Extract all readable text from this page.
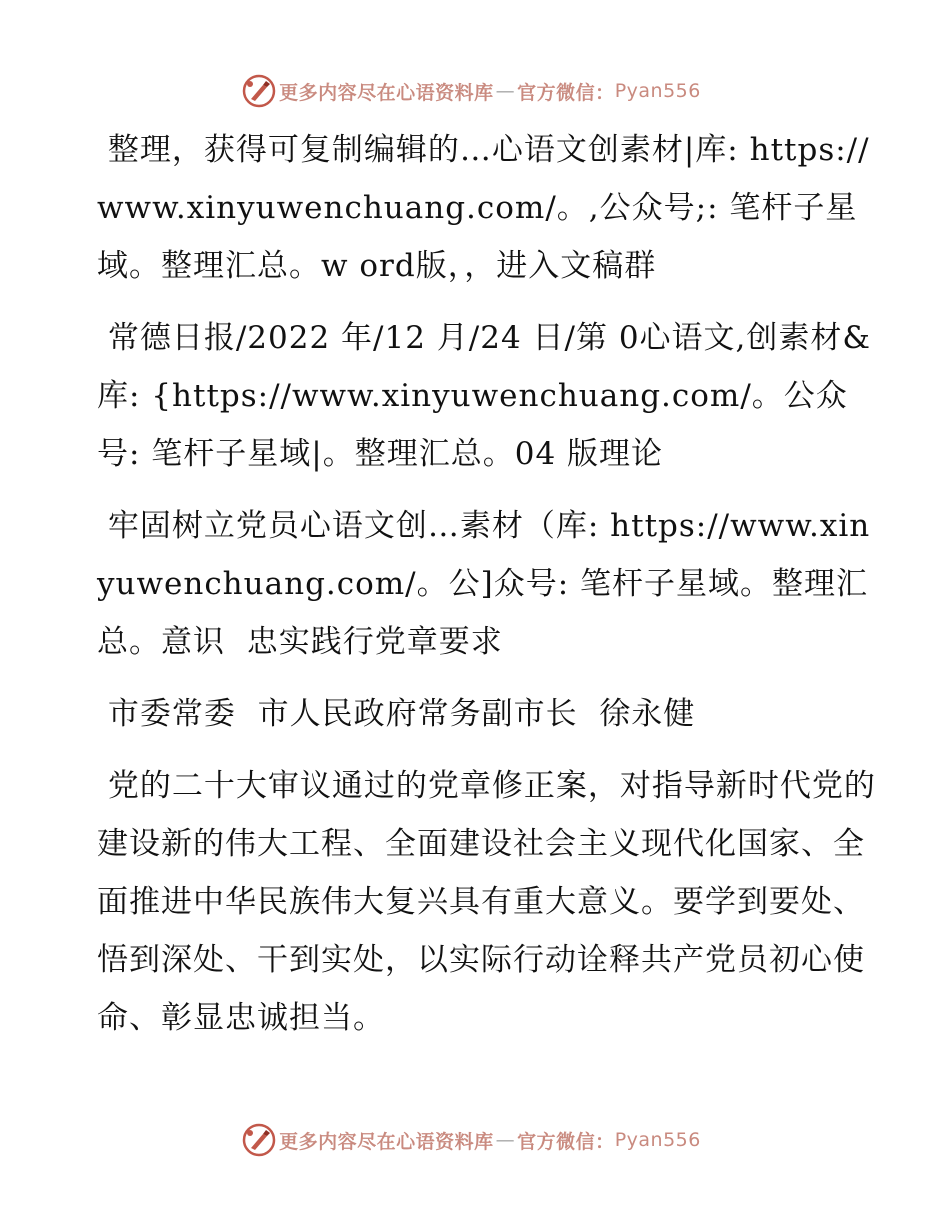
更多内容尽在心语资料库 — 官方微信： Pyan556

整理，获得可复制编辑的…心语文创素材|库: https://www.xinyuwenchuang.com/。,公众号;: 笔杆子星域。整理汇总。w ord版，，进入文稿群

常德日报/2022 年/12 月/24 日/第 0心语文,创素材&库: {https://www.xinyuwenchuang.com/。公众号: 笔杆子星域|。整理汇总。04 版理论

牢固树立党员心语文创…素材（库: https://www.xinyuwenchuang.com/。公]众号: 笔杆子星域。整理汇总。意识  忠实践行党章要求

市委常委  市人民政府常务副市长  徐永健

党的二十大审议通过的党章修正案，对指导新时代党的建设新的伟大工程、全面建设社会主义现代化国家、全面推进中华民族伟大复兴具有重大意义。要学到要处、悟到深处、干到实处，以实际行动诠释共产党员初心使命、彰显忠诚担当。

更多内容尽在心语资料库 — 官方微信： Pyan556
